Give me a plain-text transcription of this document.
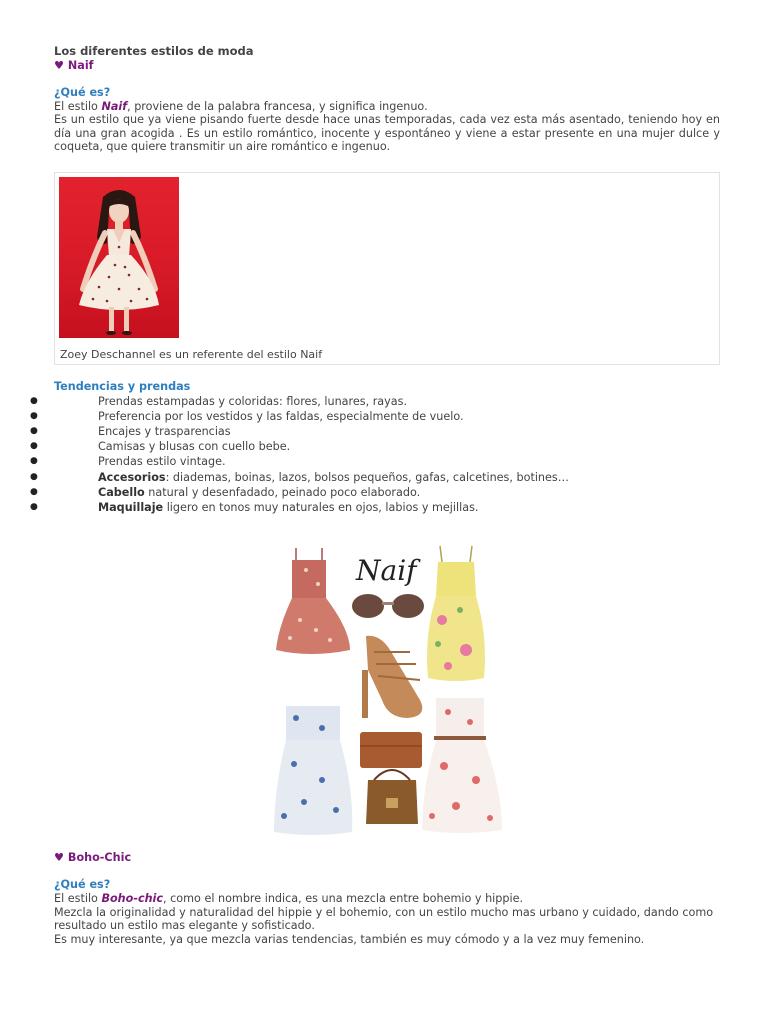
Los diferentes estilos de moda
♥ Naif
¿Qué es?
El estilo Naif, proviene de la palabra francesa, y significa ingenuo.
Es un estilo que ya viene pisando fuerte desde hace unas temporadas, cada vez esta más asentado, teniendo hoy en día una gran acogida . Es un estilo romántico, inocente y espontáneo y viene a estar presente en una mujer dulce y coqueta, que quiere transmitir un aire romántico e ingenuo.
Zoey Deschannel es un referente del estilo Naif
Tendencias y prendas
●	Prendas estampadas y coloridas: flores, lunares, rayas.
●	Preferencia por los vestidos y las faldas, especialmente de vuelo.
●	Encajes y trasparencias
●	Camisas y blusas con cuello bebe.
●	Prendas estilo vintage.
●	Accesorios: diademas, boinas, lazos, bolsos pequeños, gafas, calcetines, botines…
●	Cabello natural y desenfadado, peinado poco elaborado.
●	Maquillaje ligero en tonos muy naturales en ojos, labios y mejillas.
Naif
♥ Boho-Chic
¿Qué es?
El estilo Boho-chic, como el nombre indica, es una mezcla entre bohemio y hippie.
Mezcla la originalidad y naturalidad del hippie y el bohemio, con un estilo mucho mas urbano y cuidado, dando como
resultado un estilo mas elegante y sofisticado.
Es muy interesante, ya que mezcla varias tendencias, también es muy cómodo y a la vez muy femenino.
